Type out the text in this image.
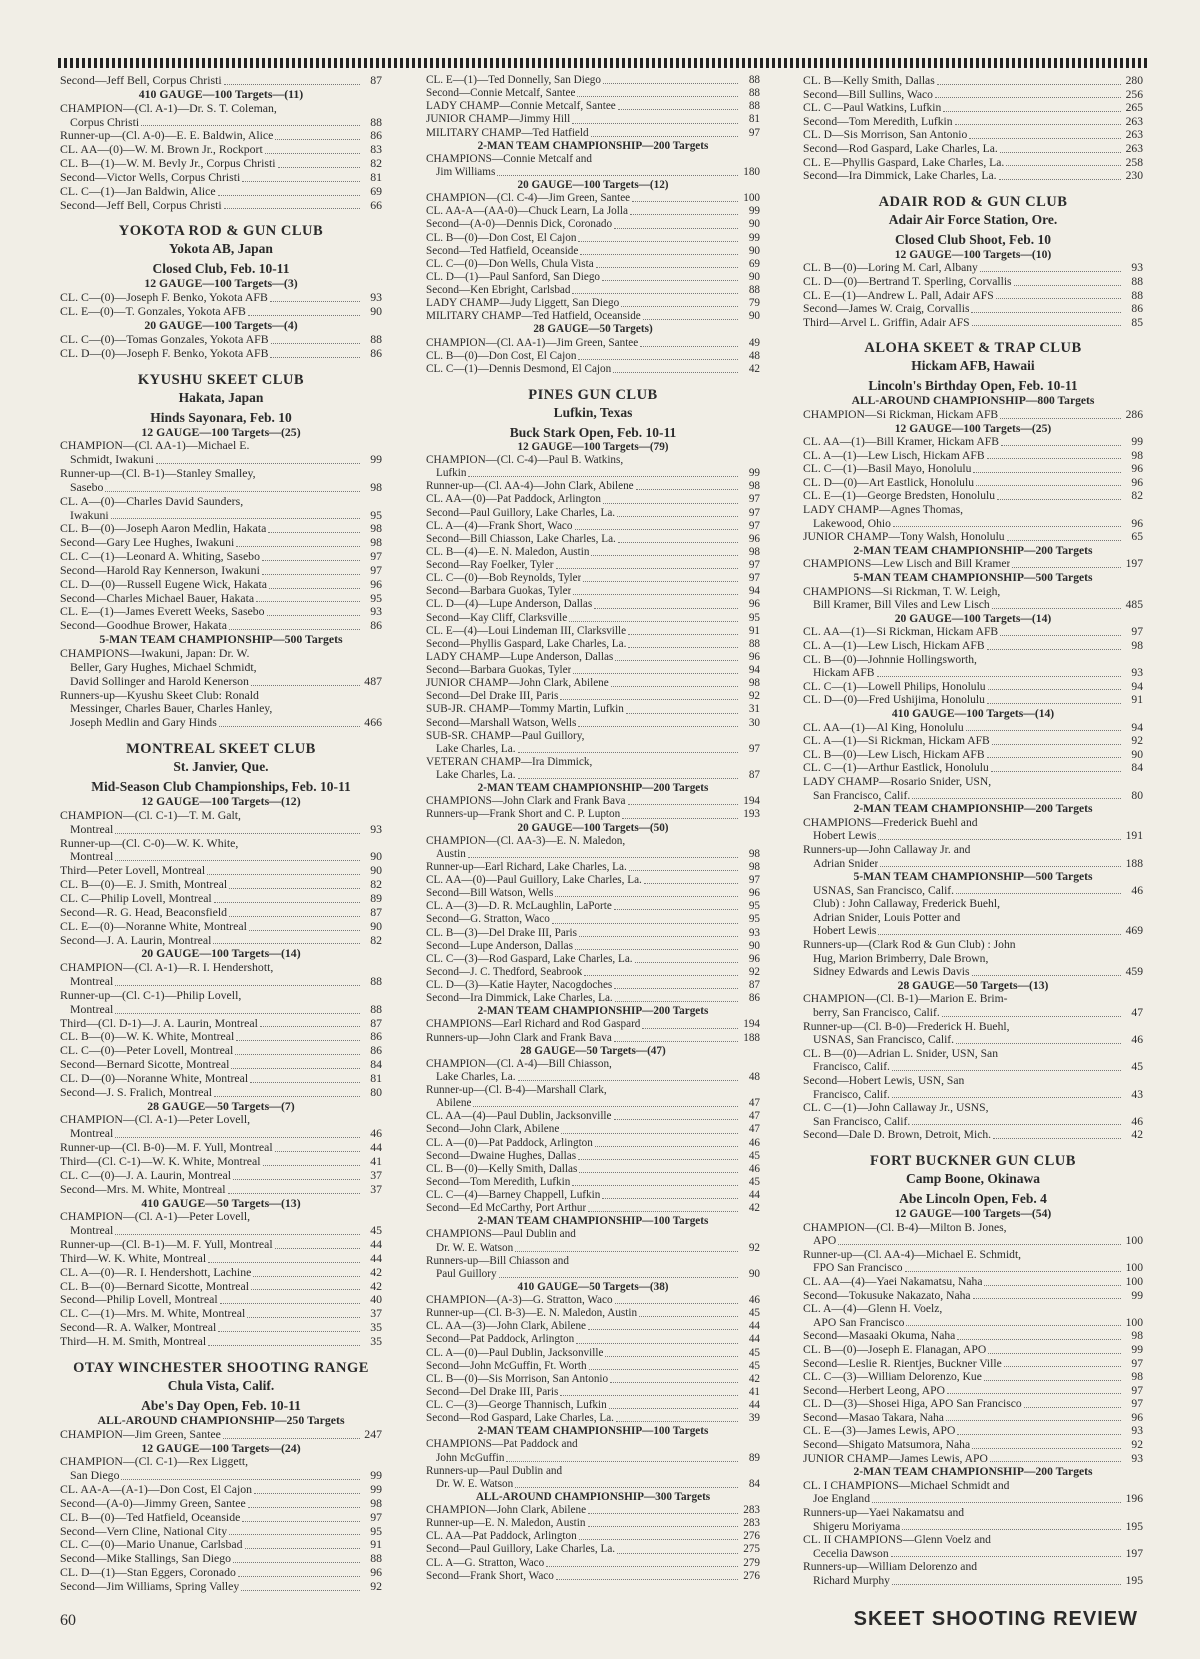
Second—Jeff Bell, Corpus Christi	87
410 GAUGE—100 Targets—(11)
CHAMPION—(Cl. A-1)—Dr. S. T. Coleman,
Corpus Christi	88
Runner-up—(Cl. A-0)—E. E. Baldwin, Alice	86
CL. AA—(0)—W. M. Brown Jr., Rockport	83
CL. B—(1)—W. M. Bevly Jr., Corpus Christi	82
Second—Victor Wells, Corpus Christi	81
CL. C—(1)—Jan Baldwin, Alice	69
Second—Jeff Bell, Corpus Christi	66
YOKOTA ROD & GUN CLUB
Yokota AB, Japan
Closed Club, Feb. 10-11
12 GAUGE—100 Targets—(3)
CL. C—(0)—Joseph F. Benko, Yokota AFB	93
CL. E—(0)—T. Gonzales, Yokota AFB	90
20 GAUGE—100 Targets—(4)
CL. C—(0)—Tomas Gonzales, Yokota AFB	88
CL. D—(0)—Joseph F. Benko, Yokota AFB	86
KYUSHU SKEET CLUB
Hakata, Japan
Hinds Sayonara, Feb. 10
12 GAUGE—100 Targets—(25)
CHAMPION—(Cl. AA-1)—Michael E.
Schmidt, Iwakuni	99
Runner-up—(Cl. B-1)—Stanley Smalley,
Sasebo	98
CL. A—(0)—Charles David Saunders,
Iwakuni	95
CL. B—(0)—Joseph Aaron Medlin, Hakata	98
Second—Gary Lee Hughes, Iwakuni	98
CL. C—(1)—Leonard A. Whiting, Sasebo	97
Second—Harold Ray Kennerson, Iwakuni	97
CL. D—(0)—Russell Eugene Wick, Hakata	96
Second—Charles Michael Bauer, Hakata	95
CL. E—(1)—James Everett Weeks, Sasebo	93
Second—Goodhue Brower, Hakata	86
5-MAN TEAM CHAMPIONSHIP—500 Targets
CHAMPIONS—Iwakuni, Japan: Dr. W.
Beller, Gary Hughes, Michael Schmidt,
David Sollinger and Harold Kenerson	487
Runners-up—Kyushu Skeet Club: Ronald
Messinger, Charles Bauer, Charles Hanley,
Joseph Medlin and Gary Hinds	466
MONTREAL SKEET CLUB
St. Janvier, Que.
Mid-Season Club Championships, Feb. 10-11
12 GAUGE—100 Targets—(12)
CHAMPION—(Cl. C-1)—T. M. Galt,
Montreal	93
Runner-up—(Cl. C-0)—W. K. White,
Montreal	90
Third—Peter Lovell, Montreal	90
CL. B—(0)—E. J. Smith, Montreal	82
CL. C—Philip Lovell, Montreal	89
Second—R. G. Head, Beaconsfield	87
CL. E—(0)—Noranne White, Montreal	90
Second—J. A. Laurin, Montreal	82
20 GAUGE—100 Targets—(14)
CHAMPION—(Cl. A-1)—R. I. Hendershott,
Montreal	88
Runner-up—(Cl. C-1)—Philip Lovell,
Montreal	88
Third—(Cl. D-1)—J. A. Laurin, Montreal	87
CL. B—(0)—W. K. White, Montreal	86
CL. C—(0)—Peter Lovell, Montreal	86
Second—Bernard Sicotte, Montreal	84
CL. D—(0)—Noranne White, Montreal	81
Second—J. S. Fralich, Montreal	80
28 GAUGE—50 Targets—(7)
CHAMPION—(Cl. A-1)—Peter Lovell,
Montreal	46
Runner-up—(Cl. B-0)—M. F. Yull, Montreal	44
Third—(Cl. C-1)—W. K. White, Montreal	41
CL. C—(0)—J. A. Laurin, Montreal	37
Second—Mrs. M. White, Montreal	37
410 GAUGE—50 Targets—(13)
CHAMPION—(Cl. A-1)—Peter Lovell,
Montreal	45
Runner-up—(Cl. B-1)—M. F. Yull, Montreal	44
Third—W. K. White, Montreal	44
CL. A—(0)—R. I. Hendershott, Lachine	42
CL. B—(0)—Bernard Sicotte, Montreal	42
Second—Philip Lovell, Montreal	40
CL. C—(1)—Mrs. M. White, Montreal	37
Second—R. A. Walker, Montreal	35
Third—H. M. Smith, Montreal	35
OTAY WINCHESTER SHOOTING RANGE
Chula Vista, Calif.
Abe's Day Open, Feb. 10-11
ALL-AROUND CHAMPIONSHIP—250 Targets
CHAMPION—Jim Green, Santee	247
12 GAUGE—100 Targets—(24)
CHAMPION—(Cl. C-1)—Rex Liggett,
San Diego	99
CL. AA-A—(A-1)—Don Cost, El Cajon	99
Second—(A-0)—Jimmy Green, Santee	98
CL. B—(0)—Ted Hatfield, Oceanside	97
Second—Vern Cline, National City	95
CL. C—(0)—Mario Unanue, Carlsbad	91
Second—Mike Stallings, San Diego	88
CL. D—(1)—Stan Eggers, Coronado	96
Second—Jim Williams, Spring Valley	92
CL. E—(1)—Ted Donnelly, San Diego	88
Second—Connie Metcalf, Santee	88
LADY CHAMP—Connie Metcalf, Santee	88
JUNIOR CHAMP—Jimmy Hill	81
MILITARY CHAMP—Ted Hatfield	97
2-MAN TEAM CHAMPIONSHIP—200 Targets
CHAMPIONS—Connie Metcalf and
Jim Williams	180
20 GAUGE—100 Targets—(12)
CHAMPION—(Cl. C-4)—Jim Green, Santee	100
CL. AA-A—(AA-0)—Chuck Learn, La Jolla	99
Second—(A-0)—Dennis Dick, Coronado	90
CL. B—(0)—Don Cost, El Cajon	99
Second—Ted Hatfield, Oceanside	90
CL. C—(0)—Don Wells, Chula Vista	69
CL. D—(1)—Paul Sanford, San Diego	90
Second—Ken Ebright, Carlsbad	88
LADY CHAMP—Judy Liggett, San Diego	79
MILITARY CHAMP—Ted Hatfield, Oceanside	90
28 GAUGE—50 Targets)
CHAMPION—(Cl. AA-1)—Jim Green, Santee	49
CL. B—(0)—Don Cost, El Cajon	48
CL. C—(1)—Dennis Desmond, El Cajon	42
PINES GUN CLUB
Lufkin, Texas
Buck Stark Open, Feb. 10-11
12 GAUGE—100 Targets—(79)
CHAMPION—(Cl. C-4)—Paul B. Watkins,
Lufkin	99
Runner-up—(Cl. AA-4)—John Clark, Abilene	98
CL. AA—(0)—Pat Paddock, Arlington	97
Second—Paul Guillory, Lake Charles, La.	97
CL. A—(4)—Frank Short, Waco	97
Second—Bill Chiasson, Lake Charles, La.	96
CL. B—(4)—E. N. Maledon, Austin	98
Second—Ray Foelker, Tyler	97
CL. C—(0)—Bob Reynolds, Tyler	97
Second—Barbara Guokas, Tyler	94
CL. D—(4)—Lupe Anderson, Dallas	96
Second—Kay Cliff, Clarksville	95
CL. E—(4)—Loui Lindeman III, Clarksville	91
Second—Phyllis Gaspard, Lake Charles, La.	88
LADY CHAMP—Lupe Anderson, Dallas	96
Second—Barbara Guokas, Tyler	94
JUNIOR CHAMP—John Clark, Abilene	98
Second—Del Drake III, Paris	92
SUB-JR. CHAMP—Tommy Martin, Lufkin	31
Second—Marshall Watson, Wells	30
SUB-SR. CHAMP—Paul Guillory,
Lake Charles, La.	97
VETERAN CHAMP—Ira Dimmick,
Lake Charles, La.	87
2-MAN TEAM CHAMPIONSHIP—200 Targets
CHAMPIONS—John Clark and Frank Bava	194
Runners-up—Frank Short and C. P. Lupton	193
20 GAUGE—100 Targets—(50)
CHAMPION—(Cl. AA-3)—E. N. Maledon,
Austin	98
Runner-up—Earl Richard, Lake Charles, La.	98
CL. AA—(0)—Paul Guillory, Lake Charles, La.	97
Second—Bill Watson, Wells	96
CL. A—(3)—D. R. McLaughlin, LaPorte	95
Second—G. Stratton, Waco	95
CL. B—(3)—Del Drake III, Paris	93
Second—Lupe Anderson, Dallas	90
CL. C—(3)—Rod Gaspard, Lake Charles, La.	96
Second—J. C. Thedford, Seabrook	92
CL. D—(3)—Katie Hayter, Nacogdoches	87
Second—Ira Dimmick, Lake Charles, La.	86
2-MAN TEAM CHAMPIONSHIP—200 Targets
CHAMPIONS—Earl Richard and Rod Gaspard	194
Runners-up—John Clark and Frank Bava	188
28 GAUGE—50 Targets—(47)
CHAMPION—(Cl. A-4)—Bill Chiasson,
Lake Charles, La.	48
Runner-up—(Cl. B-4)—Marshall Clark,
Abilene	47
CL. AA—(4)—Paul Dublin, Jacksonville	47
Second—John Clark, Abilene	47
CL. A—(0)—Pat Paddock, Arlington	46
Second—Dwaine Hughes, Dallas	45
CL. B—(0)—Kelly Smith, Dallas	46
Second—Tom Meredith, Lufkin	45
CL. C—(4)—Barney Chappell, Lufkin	44
Second—Ed McCarthy, Port Arthur	42
2-MAN TEAM CHAMPIONSHIP—100 Targets
CHAMPIONS—Paul Dublin and
Dr. W. E. Watson	92
Runners-up—Bill Chiasson and
Paul Guillory	90
410 GAUGE—50 Targets—(38)
CHAMPION—(A-3)—G. Stratton, Waco	46
Runner-up—(Cl. B-3)—E. N. Maledon, Austin	45
CL. AA—(3)—John Clark, Abilene	44
Second—Pat Paddock, Arlington	44
CL. A—(0)—Paul Dublin, Jacksonville	45
Second—John McGuffin, Ft. Worth	45
CL. B—(0)—Sis Morrison, San Antonio	42
Second—Del Drake III, Paris	41
CL. C—(3)—George Thannisch, Lufkin	44
Second—Rod Gaspard, Lake Charles, La.	39
2-MAN TEAM CHAMPIONSHIP—100 Targets
CHAMPIONS—Pat Paddock and
John McGuffin	89
Runners-up—Paul Dublin and
Dr. W. E. Watson	84
ALL-AROUND CHAMPIONSHIP—300 Targets
CHAMPION—John Clark, Abilene	283
Runner-up—E. N. Maledon, Austin	283
CL. AA—Pat Paddock, Arlington	276
Second—Paul Guillory, Lake Charles, La.	275
CL. A—G. Stratton, Waco	279
Second—Frank Short, Waco	276
CL. B—Kelly Smith, Dallas	280
Second—Bill Sullins, Waco	256
CL. C—Paul Watkins, Lufkin	265
Second—Tom Meredith, Lufkin	263
CL. D—Sis Morrison, San Antonio	263
Second—Rod Gaspard, Lake Charles, La.	263
CL. E—Phyllis Gaspard, Lake Charles, La.	258
Second—Ira Dimmick, Lake Charles, La.	230
ADAIR ROD & GUN CLUB
Adair Air Force Station, Ore.
Closed Club Shoot, Feb. 10
12 GAUGE—100 Targets—(10)
CL. B—(0)—Loring M. Carl, Albany	93
CL. D—(0)—Bertrand T. Sperling, Corvallis	88
CL. E—(1)—Andrew L. Pall, Adair AFS	88
Second—James W. Craig, Corvallis	86
Third—Arvel L. Griffin, Adair AFS	85
ALOHA SKEET & TRAP CLUB
Hickam AFB, Hawaii
Lincoln's Birthday Open, Feb. 10-11
ALL-AROUND CHAMPIONSHIP—800 Targets
CHAMPION—Si Rickman, Hickam AFB	286
12 GAUGE—100 Targets—(25)
CL. AA—(1)—Bill Kramer, Hickam AFB	99
CL. A—(1)—Lew Lisch, Hickam AFB	98
CL. C—(1)—Basil Mayo, Honolulu	96
CL. D—(0)—Art Eastlick, Honolulu	96
CL. E—(1)—George Bredsten, Honolulu	82
LADY CHAMP—Agnes Thomas,
Lakewood, Ohio	96
JUNIOR CHAMP—Tony Walsh, Honolulu	65
2-MAN TEAM CHAMPIONSHIP—200 Targets
CHAMPIONS—Lew Lisch and Bill Kramer	197
5-MAN TEAM CHAMPIONSHIP—500 Targets
CHAMPIONS—Si Rickman, T. W. Leigh,
Bill Kramer, Bill Viles and Lew Lisch	485
20 GAUGE—100 Targets—(14)
CL. AA—(1)—Si Rickman, Hickam AFB	97
CL. A—(1)—Lew Lisch, Hickam AFB	98
CL. B—(0)—Johnnie Hollingsworth,
Hickam AFB	93
CL. C—(1)—Lowell Philips, Honolulu	94
CL. D—(0)—Fred Ushijima, Honolulu	91
410 GAUGE—100 Targets—(14)
CL. AA—(1)—Al King, Honolulu	94
CL. A—(1)—Si Rickman, Hickam AFB	92
CL. B—(0)—Lew Lisch, Hickam AFB	90
CL. C—(1)—Arthur Eastlick, Honolulu	84
LADY CHAMP—Rosario Snider, USN,
San Francisco, Calif.	80
2-MAN TEAM CHAMPIONSHIP—200 Targets
CHAMPIONS—Frederick Buehl and
Hobert Lewis	191
Runners-up—John Callaway Jr. and
Adrian Snider	188
5-MAN TEAM CHAMPIONSHIP—500 Targets
USNAS, San Francisco, Calif.	46
Club) : John Callaway, Frederick Buehl,
Adrian Snider, Louis Potter and
Hobert Lewis	469
Runners-up—(Clark Rod & Gun Club) : John
Hug, Marion Brimberry, Dale Brown,
Sidney Edwards and Lewis Davis	459
28 GAUGE—50 Targets—(13)
CHAMPION—(Cl. B-1)—Marion E. Brim-
berry, San Francisco, Calif.	47
Runner-up—(Cl. B-0)—Frederick H. Buehl,
USNAS, San Francisco, Calif.	46
CL. B—(0)—Adrian L. Snider, USN, San
Francisco, Calif.	45
Second—Hobert Lewis, USN, San
Francisco, Calif.	43
CL. C—(1)—John Callaway Jr., USNS,
San Francisco, Calif.	46
Second—Dale D. Brown, Detroit, Mich.	42
FORT BUCKNER GUN CLUB
Camp Boone, Okinawa
Abe Lincoln Open, Feb. 4
12 GAUGE—100 Targets—(54)
CHAMPION—(Cl. B-4)—Milton B. Jones,
APO	100
Runner-up—(Cl. AA-4)—Michael E. Schmidt,
FPO San Francisco	100
CL. AA—(4)—Yaei Nakamatsu, Naha	100
Second—Tokusuke Nakazato, Naha	99
CL. A—(4)—Glenn H. Voelz,
APO San Francisco	100
Second—Masaaki Okuma, Naha	98
CL. B—(0)—Joseph E. Flanagan, APO	99
Second—Leslie R. Rientjes, Buckner Ville	97
CL. C—(3)—William Delorenzo, Kue	98
Second—Herbert Leong, APO	97
CL. D—(3)—Shosei Higa, APO San Francisco	97
Second—Masao Takara, Naha	96
CL. E—(3)—James Lewis, APO	93
Second—Shigato Matsumora, Naha	92
JUNIOR CHAMP—James Lewis, APO	93
2-MAN TEAM CHAMPIONSHIP—200 Targets
CL. I CHAMPIONS—Michael Schmidt and
Joe England	196
Runners-up—Yaei Nakamatsu and
Shigeru Moriyama	195
CL. II CHAMPIONS—Glenn Voelz and
Cecelia Dawson	197
Runners-up—William Delorenzo and
Richard Murphy	195
60	SKEET SHOOTING REVIEW
